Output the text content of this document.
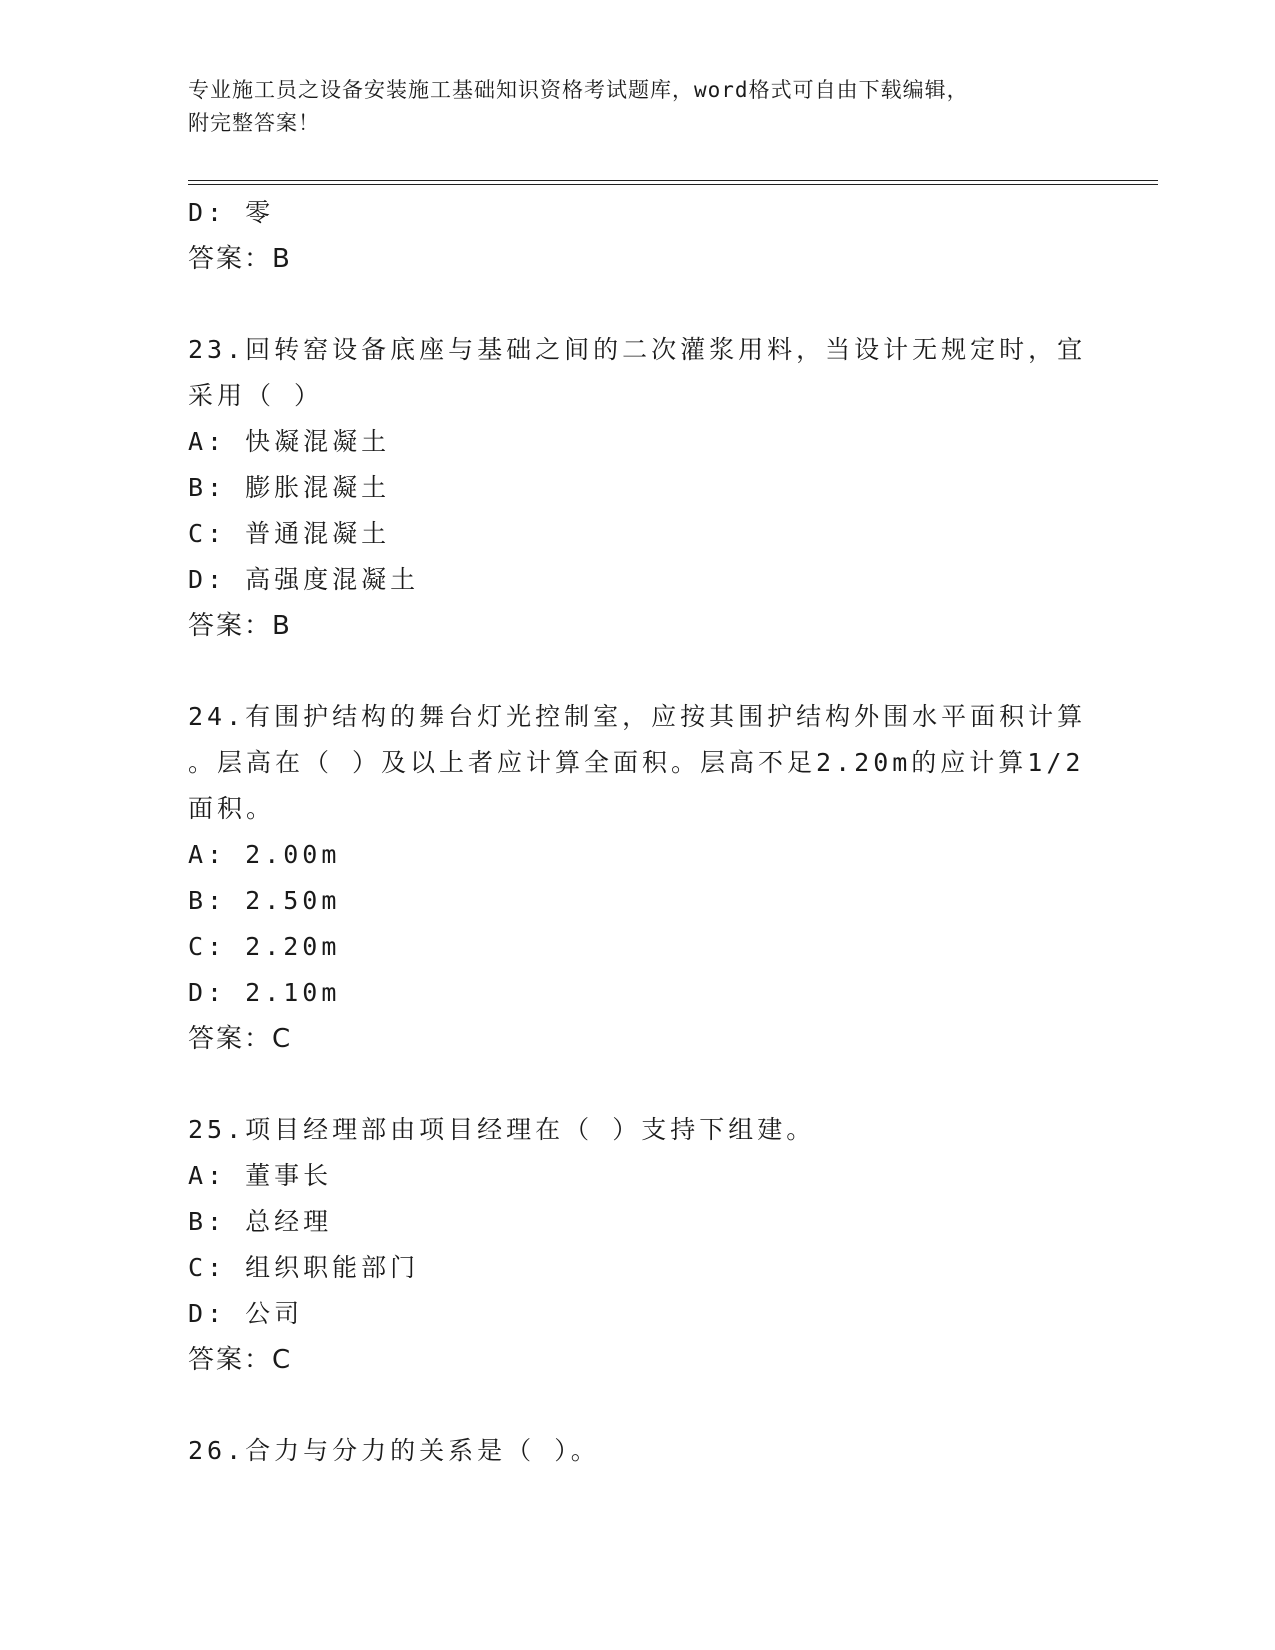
专业施工员之设备安装施工基础知识资格考试题库，word格式可自由下载编辑，
附完整答案！
D: 零
答案：B
23.回转窑设备底座与基础之间的二次灌浆用料，当设计无规定时，宜
采用（ ）
A: 快凝混凝土
B: 膨胀混凝土
C: 普通混凝土
D: 高强度混凝土
答案：B
24.有围护结构的舞台灯光控制室，应按其围护结构外围水平面积计算
。层高在（ ）及以上者应计算全面积。层高不足2.20m的应计算1/2
面积。
A: 2.00m
B: 2.50m
C: 2.20m
D: 2.10m
答案：C
25.项目经理部由项目经理在（ ）支持下组建。
A: 董事长
B: 总经理
C: 组织职能部门
D: 公司
答案：C
26.合力与分力的关系是（ ）。
